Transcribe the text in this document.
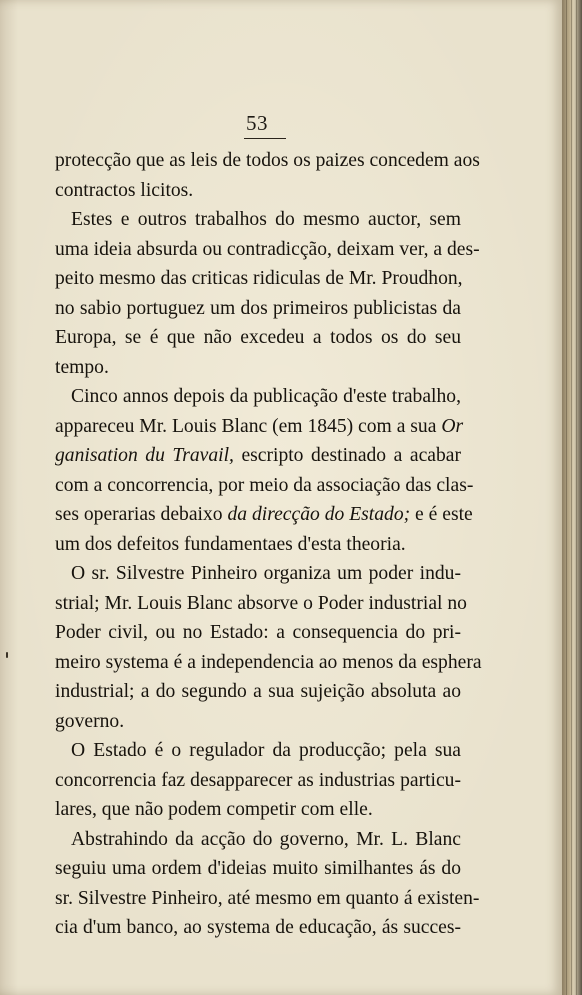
53
protecção que as leis de todos os paizes concedem aos
contractos licitos.
Estes e outros trabalhos do mesmo auctor, sem
uma ideia absurda ou contradicção, deixam ver, a des-
peito mesmo das criticas ridiculas de Mr. Proudhon,
no sabio portuguez um dos primeiros publicistas da
Europa, se é que não excedeu a todos os do seu
tempo.
Cinco annos depois da publicação d'este trabalho,
appareceu Mr. Louis Blanc (em 1845) com a sua Or
ganisation du Travail, escripto destinado a acabar
com a concorrencia, por meio da associação das clas-
ses operarias debaixo da direcção do Estado; e é este
um dos defeitos fundamentaes d'esta theoria.
O sr. Silvestre Pinheiro organiza um poder indu-
strial; Mr. Louis Blanc absorve o Poder industrial no
Poder civil, ou no Estado: a consequencia do pri-
meiro systema é a independencia ao menos da esphera
industrial; a do segundo a sua sujeição absoluta ao
governo.
O Estado é o regulador da producção; pela sua
concorrencia faz desapparecer as industrias particu-
lares, que não podem competir com elle.
Abstrahindo da acção do governo, Mr. L. Blanc
seguiu uma ordem d'ideias muito similhantes ás do
sr. Silvestre Pinheiro, até mesmo em quanto á existen-
cia d'um banco, ao systema de educação, ás succes-
